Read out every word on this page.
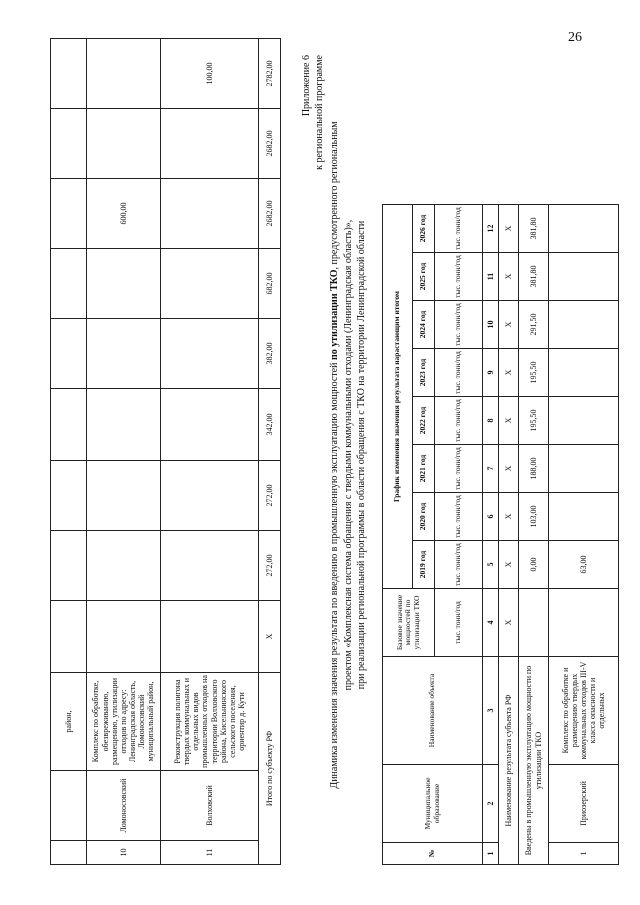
26
		район,									
10	Ломоносовский	Комплекс по обработке, обезвреживанию, размещению, утилизации отходов по адресу: Ленинградская область, Ломоносовский муниципальный район,							600,00		
11	Волховский	Реконструкция полигона твердых коммунальных и отдельных видов промышленных отходов на территории Волховского района, Кисельнинского сельского поселения, ориентир д. Кути									100,00
Итого по субъекту РФ			Х	272,00	272,00	342,00	382,00	682,00	2682,00	2682,00	2782,00	Приложение 6 к региональной программе
Динамика изменения значения результата по введению в промышленную эксплуатацию мощностей по утилизации ТКО, предусмотренного региональным
проектом «Комплексная система обращения с твердыми коммунальными отходами (Ленинградская область)», при реализации региональной программы в области обращения с ТКО на территории Ленинградской области
№	Муниципальное образование	Наименование объекта	Базовое значение мощностей по утилизации ТКО	График изменения значения результата нарастающим итогом							
				2019 год	2020 год	2021 год	2022 год	2023 год	2024 год	2025 год	2026 год
			тыс. тонн/год	тыс. тонн/год	тыс. тонн/год	тыс. тонн/год	тыс. тонн/год	тыс. тонн/год	тыс. тонн/год	тыс. тонн/год	тыс. тонн/год
1	2	3	4	5	6	7	8	9	10	11	12
Наименование результата субъекта РФ			Х	Х	Х	Х	Х	Х	Х	Х	Х
Введены в промышленную эксплуатацию мощности по утилизации ТКО				0,00	103,00	188,00	195,50	195,50	291,50	381,80	381,80
1	Приозерский	Комплекс по обработке и размещению твердых коммунальных отходов III-V класса опасности и отдельных		63,00							
